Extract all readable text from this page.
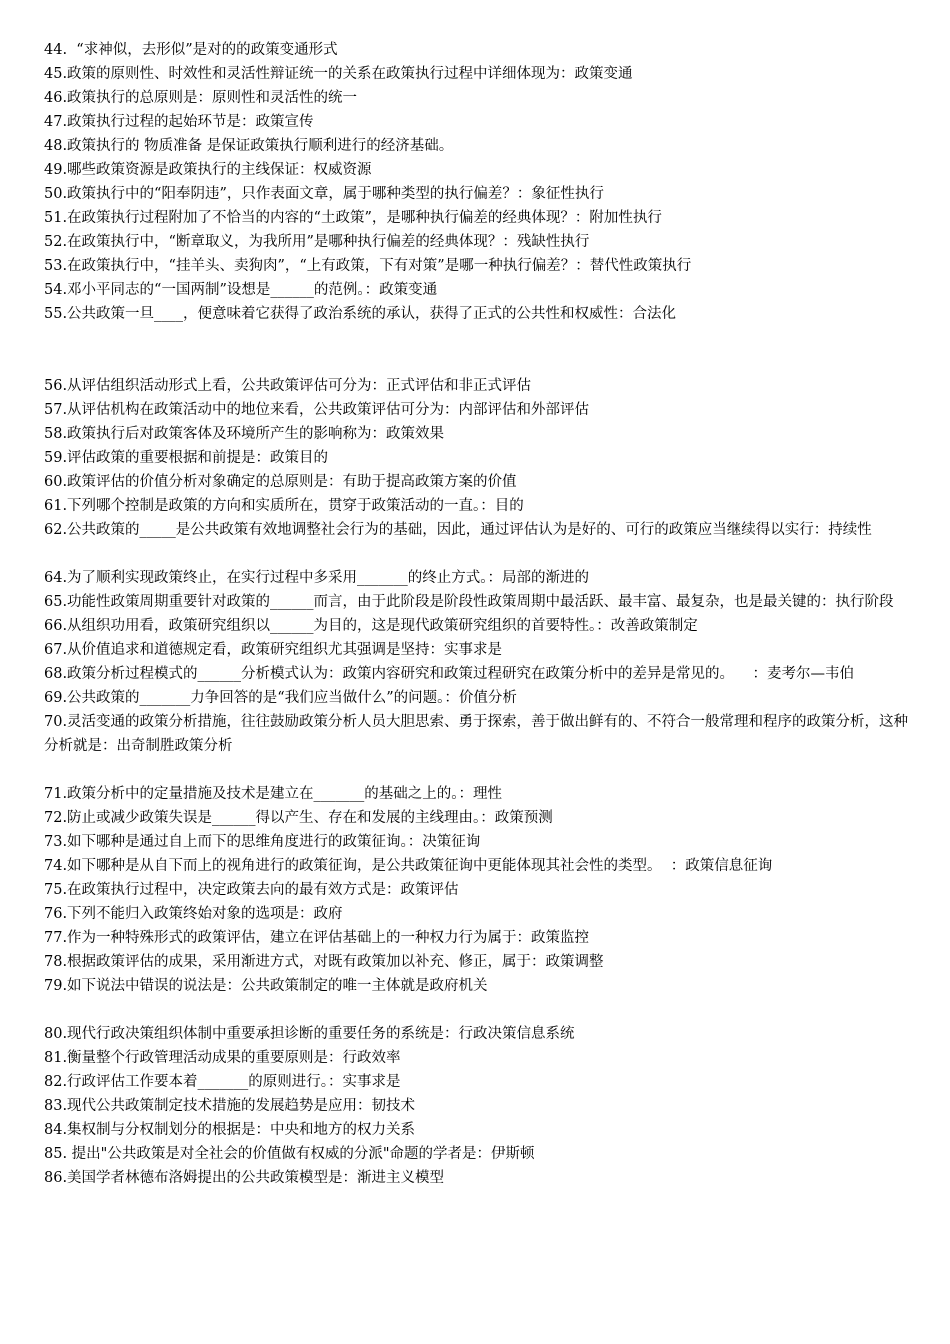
44.  “求神似，去形似”是对的的政策变通形式
45.政策的原则性、时效性和灵活性辩证统一的关系在政策执行过程中详细体现为：政策变通
46.政策执行的总原则是：原则性和灵活性的统一
47.政策执行过程的起始环节是：政策宣传
48.政策执行的 物质准备 是保证政策执行顺利进行的经济基础。
49.哪些政策资源是政策执行的主线保证：权威资源
50.政策执行中的“阳奉阴违”，只作表面文章，属于哪种类型的执行偏差？：象征性执行
51.在政策执行过程附加了不恰当的内容的“土政策”，是哪种执行偏差的经典体现？：附加性执行
52.在政策执行中，“断章取义，为我所用”是哪种执行偏差的经典体现？：残缺性执行
53.在政策执行中，“挂羊头、卖狗肉”，“上有政策，下有对策”是哪一种执行偏差？：替代性政策执行
54.邓小平同志的“一国两制”设想是______的范例。：政策变通
55.公共政策一旦____，便意味着它获得了政治系统的承认，获得了正式的公共性和权威性：合法化
56.从评估组织活动形式上看，公共政策评估可分为：正式评估和非正式评估
57.从评估机构在政策活动中的地位来看，公共政策评估可分为：内部评估和外部评估
58.政策执行后对政策客体及环境所产生的影响称为：政策效果
59.评估政策的重要根据和前提是：政策目的
60.政策评估的价值分析对象确定的总原则是：有助于提高政策方案的价值
61.下列哪个控制是政策的方向和实质所在，贯穿于政策活动的一直。：目的
62.公共政策的_____是公共政策有效地调整社会行为的基础，因此，通过评估认为是好的、可行的政策应当继续得以实行：持续性
64.为了顺利实现政策终止，在实行过程中多采用_______的终止方式。：局部的渐进的
65.功能性政策周期重要针对政策的______而言，由于此阶段是阶段性政策周期中最活跃、最丰富、最复杂，也是最关键的：执行阶段
66.从组织功用看，政策研究组织以______为目的，这是现代政策研究组织的首要特性。：改善政策制定
67.从价值追求和道德规定看，政策研究组织尤其强调是坚持：实事求是
68.政策分析过程模式的______分析模式认为：政策内容研究和政策过程研究在政策分析中的差异是常见的。    ：麦考尔—韦伯
69.公共政策的_______力争回答的是“我们应当做什么”的问题。：价值分析
70.灵活变通的政策分析措施，往往鼓励政策分析人员大胆思索、勇于探索，善于做出鲜有的、不符合一般常理和程序的政策分析，这种分析就是：出奇制胜政策分析
71.政策分析中的定量措施及技术是建立在_______的基础之上的。：理性
72.防止或减少政策失误是______得以产生、存在和发展的主线理由。：政策预测
73.如下哪种是通过自上而下的思维角度进行的政策征询。：决策征询
74.如下哪种是从自下而上的视角进行的政策征询，是公共政策征询中更能体现其社会性的类型。  ：政策信息征询
75.在政策执行过程中，决定政策去向的最有效方式是：政策评估
76.下列不能归入政策终始对象的选项是：政府
77.作为一种特殊形式的政策评估，建立在评估基础上的一种权力行为属于：政策监控
78.根据政策评估的成果，采用渐进方式，对既有政策加以补充、修正，属于：政策调整
79.如下说法中错误的说法是：公共政策制定的唯一主体就是政府机关
80.现代行政决策组织体制中重要承担诊断的重要任务的系统是：行政决策信息系统
81.衡量整个行政管理活动成果的重要原则是：行政效率
82.行政评估工作要本着_______的原则进行。：实事求是
83.现代公共政策制定技术措施的发展趋势是应用：韧技术
84.集权制与分权制划分的根据是：中央和地方的权力关系
85. 提出"公共政策是对全社会的价值做有权威的分派"命题的学者是：伊斯顿
86.美国学者林德布洛姆提出的公共政策模型是：渐进主义模型
